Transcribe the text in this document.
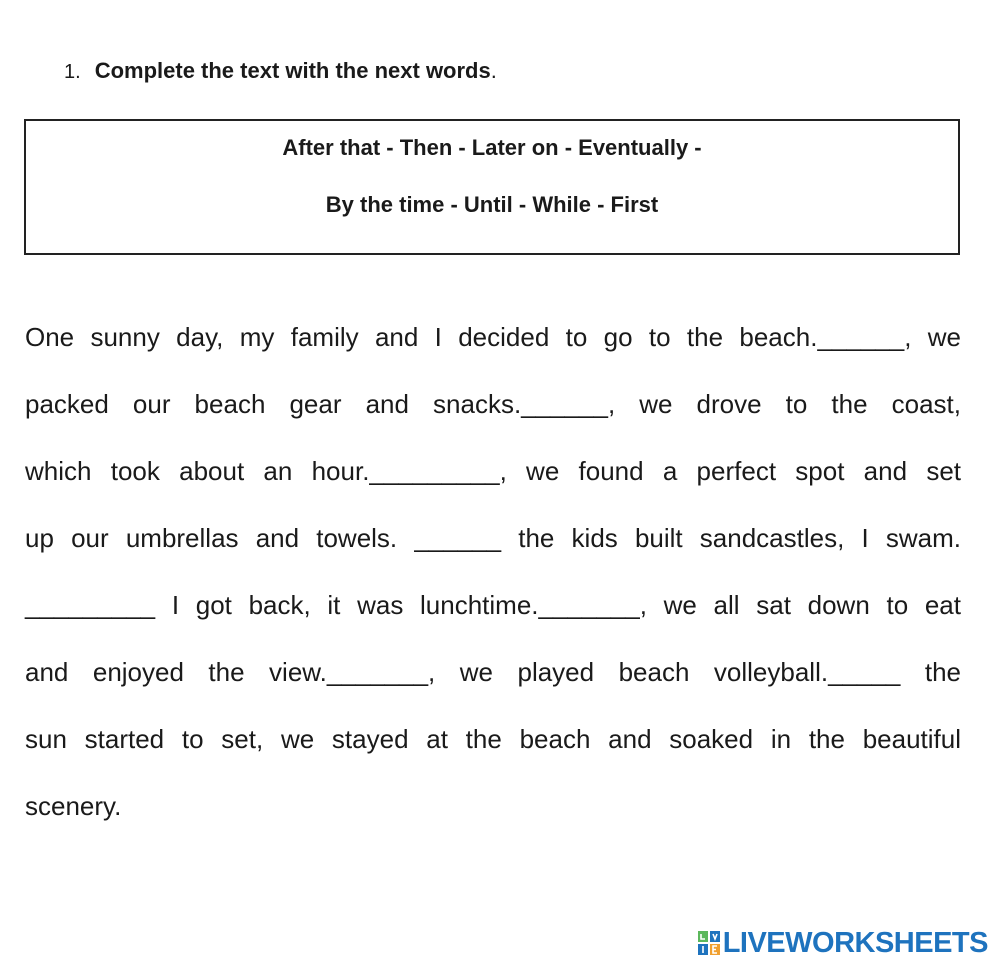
1. Complete the text with the next words.
After that - Then - Later on - Eventually -
By the time - Until - While - First
One sunny day, my family and I decided to go to the beach.______, we
packed our beach gear and snacks.______, we drove to the coast,
which took about an hour._________, we found a perfect spot and set
up our umbrellas and towels. ______ the kids built sandcastles, I swam.
_________ I got back, it was lunchtime._______, we all sat down to eat
and enjoyed the view._______, we played beach volleyball._____ the
sun started to set, we stayed at the beach and soaked in the beautiful
scenery.
LIVEWORKSHEETS
